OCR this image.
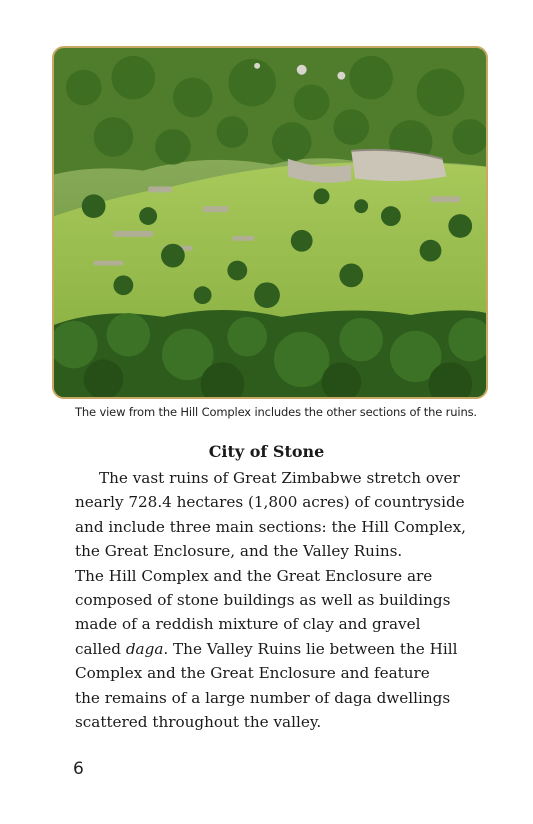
The view from the Hill Complex includes the other sections of the ruins.
City of Stone
The vast ruins of Great Zimbabwe stretch over
nearly 728.4 hectares (1,800 acres) of countryside
and include three main sections: the Hill Complex,
the Great Enclosure, and the Valley Ruins.
The Hill Complex and the Great Enclosure are
composed of stone buildings as well as buildings
made of a reddish mixture of clay and gravel
called daga. The Valley Ruins lie between the Hill
Complex and the Great Enclosure and feature
the remains of a large number of daga dwellings
scattered throughout the valley.
6
